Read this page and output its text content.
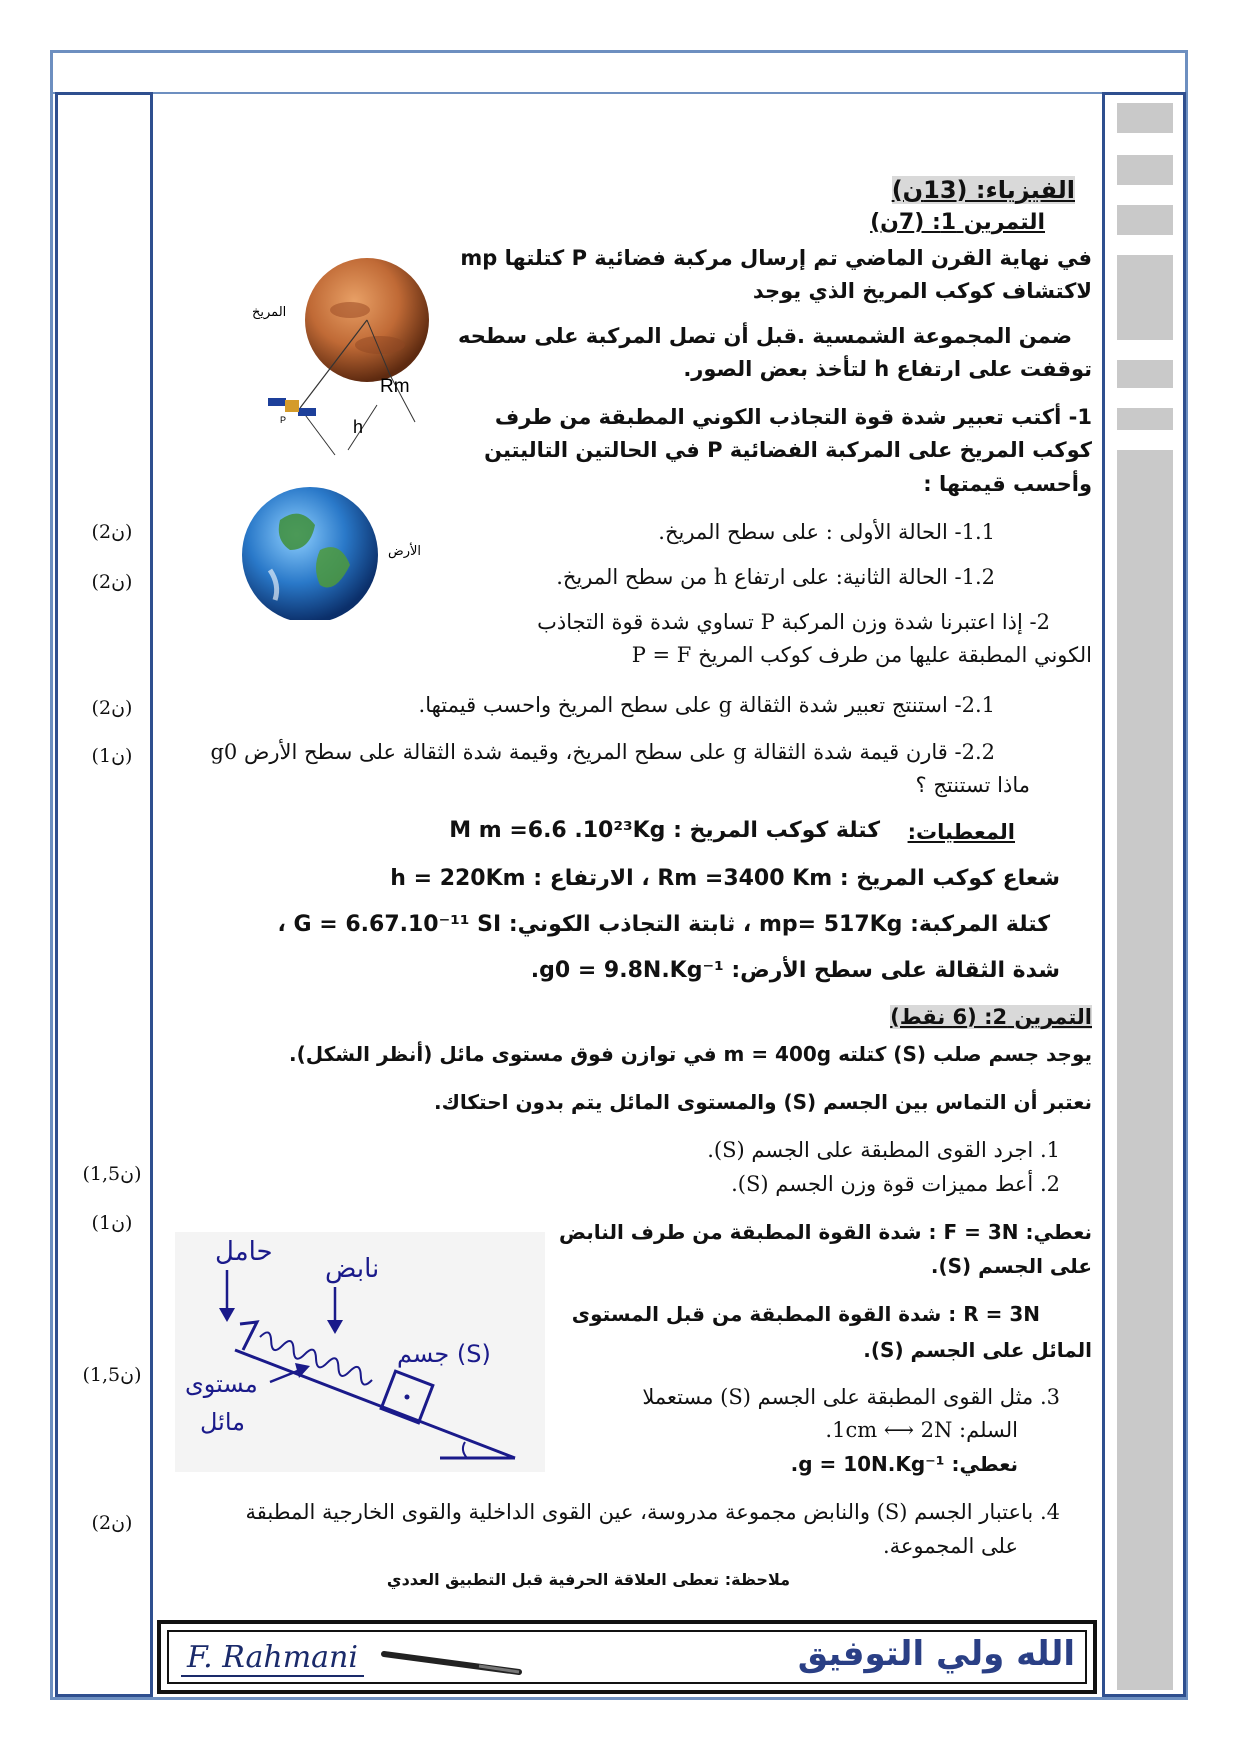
الفيزياء: (13ن)
التمرين 1: (7ن)
في نهاية القرن الماضي تم إرسال مركبة فضائية P كتلتها mp
لاكتشاف كوكب المريخ الذي يوجد
ضمن المجموعة الشمسية .قبل أن تصل المركبة على سطحه
توقفت على ارتفاع h لتأخذ بعض الصور.
1- أكتب تعبير شدة قوة التجاذب الكوني المطبقة من طرف
كوكب المريخ على المركبة الفضائية P في الحالتين التاليتين
وأحسب قيمتها :
1.1- الحالة الأولى : على سطح المريخ.
1.2- الحالة الثانية: على ارتفاع h من سطح المريخ.
2- إذا اعتبرنا شدة وزن المركبة P تساوي شدة قوة التجاذب
الكوني المطبقة عليها من طرف كوكب المريخ P = F
2.1- استنتج تعبير شدة الثقالة g على سطح المريخ واحسب قيمتها.
2.2- قارن قيمة شدة الثقالة g على سطح المريخ، وقيمة شدة الثقالة على سطح الأرض g0
ماذا تستنتج ؟
المعطيات:
كتلة كوكب المريخ : M m =6.6 .10²³Kg
شعاع كوكب المريخ : Rm =3400 Km ، الارتفاع : h = 220Km
كتلة المركبة: mp= 517Kg ، ثابتة التجاذب الكوني: G = 6.67.10⁻¹¹ SI ،
شدة الثقالة على سطح الأرض: g0 = 9.8N.Kg⁻¹.
المريخ
Rm
h
P
الأرض
التمرين 2: (6 نقط)
يوجد جسم صلب (S) كتلته m = 400g في توازن فوق مستوى مائل (أنظر الشكل).
نعتبر أن التماس بين الجسم (S) والمستوى المائل يتم بدون احتكاك.
1. اجرد القوى المطبقة على الجسم (S).
2. أعط مميزات قوة وزن الجسم (S).
نعطي: F = 3N : شدة القوة المطبقة من طرف النابض
على الجسم (S).
R = 3N : شدة القوة المطبقة من قبل المستوى
المائل على الجسم (S).
3. مثل القوى المطبقة على الجسم (S) مستعملا
السلم: 1cm ⟷ 2N.
نعطي: g = 10N.Kg⁻¹.
4. باعتبار الجسم (S) والنابض مجموعة مدروسة، عين القوى الداخلية والقوى الخارجية المطبقة
على المجموعة.
ملاحظة: تعطى العلاقة الحرفية قبل التطبيق العددي
حامل
نابض
جسم (S)
مستوى
مائل
(2ن)
(2ن)
(2ن)
(1ن)
(1,5ن)
(1ن)
(1,5ن)
(2ن)
F. Rahmani	الله ولي التوفيق
